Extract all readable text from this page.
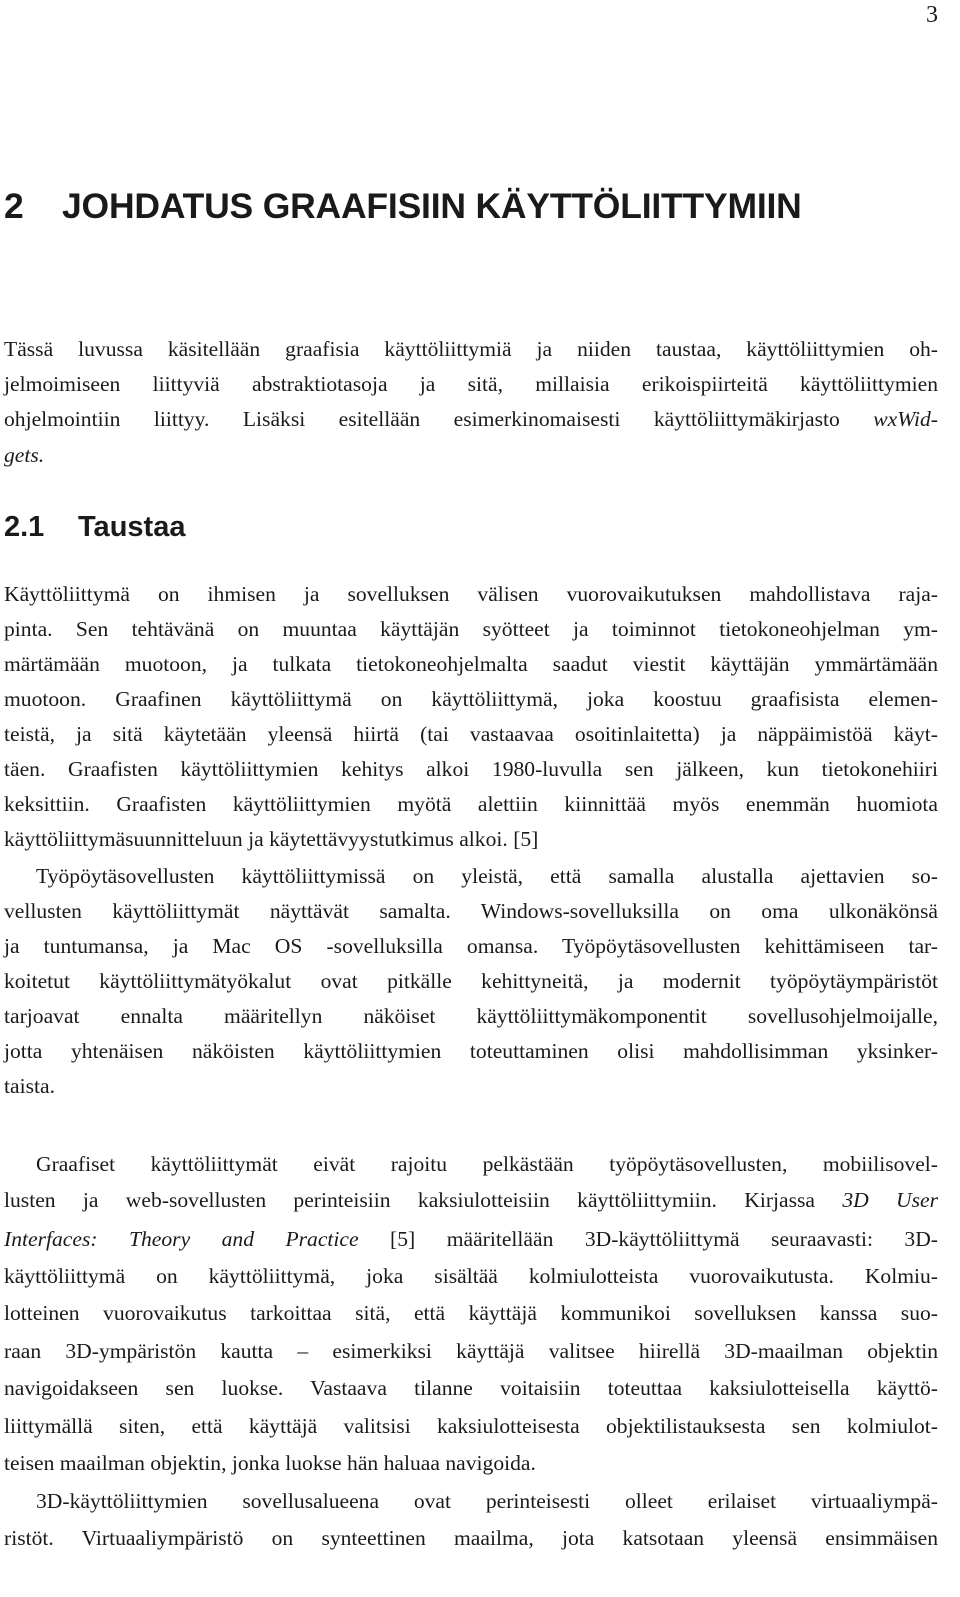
3
2 JOHDATUS GRAAFISIIN KÄYTTÖLIITTYMIIN
Tässä luvussa käsitellään graafisia käyttöliittymiä ja niiden taustaa, käyttöliittymien oh-
jelmoimiseen liittyviä abstraktiotasoja ja sitä, millaisia erikoispiirteitä käyttöliittymien
ohjelmointiin liittyy. Lisäksi esitellään esimerkinomaisesti käyttöliittymäkirjasto wxWid-
gets.
2.1 Taustaa
Käyttöliittymä on ihmisen ja sovelluksen välisen vuorovaikutuksen mahdollistava raja-
pinta. Sen tehtävänä on muuntaa käyttäjän syötteet ja toiminnot tietokoneohjelman ym-
märtämään muotoon, ja tulkata tietokoneohjelmalta saadut viestit käyttäjän ymmärtämään
muotoon. Graafinen käyttöliittymä on käyttöliittymä, joka koostuu graafisista elemen-
teistä, ja sitä käytetään yleensä hiirtä (tai vastaavaa osoitinlaitetta) ja näppäimistöä käyt-
täen. Graafisten käyttöliittymien kehitys alkoi 1980-luvulla sen jälkeen, kun tietokonehiiri
keksittiin. Graafisten käyttöliittymien myötä alettiin kiinnittää myös enemmän huomiota
käyttöliittymäsuunnitteluun ja käytettävyystutkimus alkoi. [5]
Työpöytäsovellusten käyttöliittymissä on yleistä, että samalla alustalla ajettavien so-
vellusten käyttöliittymät näyttävät samalta. Windows-sovelluksilla on oma ulkonäkönsä
ja tuntumansa, ja Mac OS -sovelluksilla omansa. Työpöytäsovellusten kehittämiseen tar-
koitetut käyttöliittymätyökalut ovat pitkälle kehittyneitä, ja modernit työpöytäympäristöt
tarjoavat ennalta määritellyn näköiset käyttöliittymäkomponentit sovellusohjelmoijalle,
jotta yhtenäisen näköisten käyttöliittymien toteuttaminen olisi mahdollisimman yksinker-
taista.
Graafiset käyttöliittymät eivät rajoitu pelkästään työpöytäsovellusten, mobiilisovel-
lusten ja web-sovellusten perinteisiin kaksiulotteisiin käyttöliittymiin. Kirjassa 3D User
Interfaces: Theory and Practice [5] määritellään 3D-käyttöliittymä seuraavasti: 3D-
käyttöliittymä on käyttöliittymä, joka sisältää kolmiulotteista vuorovaikutusta. Kolmiu-
lotteinen vuorovaikutus tarkoittaa sitä, että käyttäjä kommunikoi sovelluksen kanssa suo-
raan 3D-ympäristön kautta – esimerkiksi käyttäjä valitsee hiirellä 3D-maailman objektin
navigoidakseen sen luokse. Vastaava tilanne voitaisiin toteuttaa kaksiulotteisella käyttö-
liittymällä siten, että käyttäjä valitsisi kaksiulotteisesta objektilistauksesta sen kolmiulot-
teisen maailman objektin, jonka luokse hän haluaa navigoida.
3D-käyttöliittymien sovellusalueena ovat perinteisesti olleet erilaiset virtuaaliympä-
ristöt. Virtuaaliympäristö on synteettinen maailma, jota katsotaan yleensä ensimmäisen
